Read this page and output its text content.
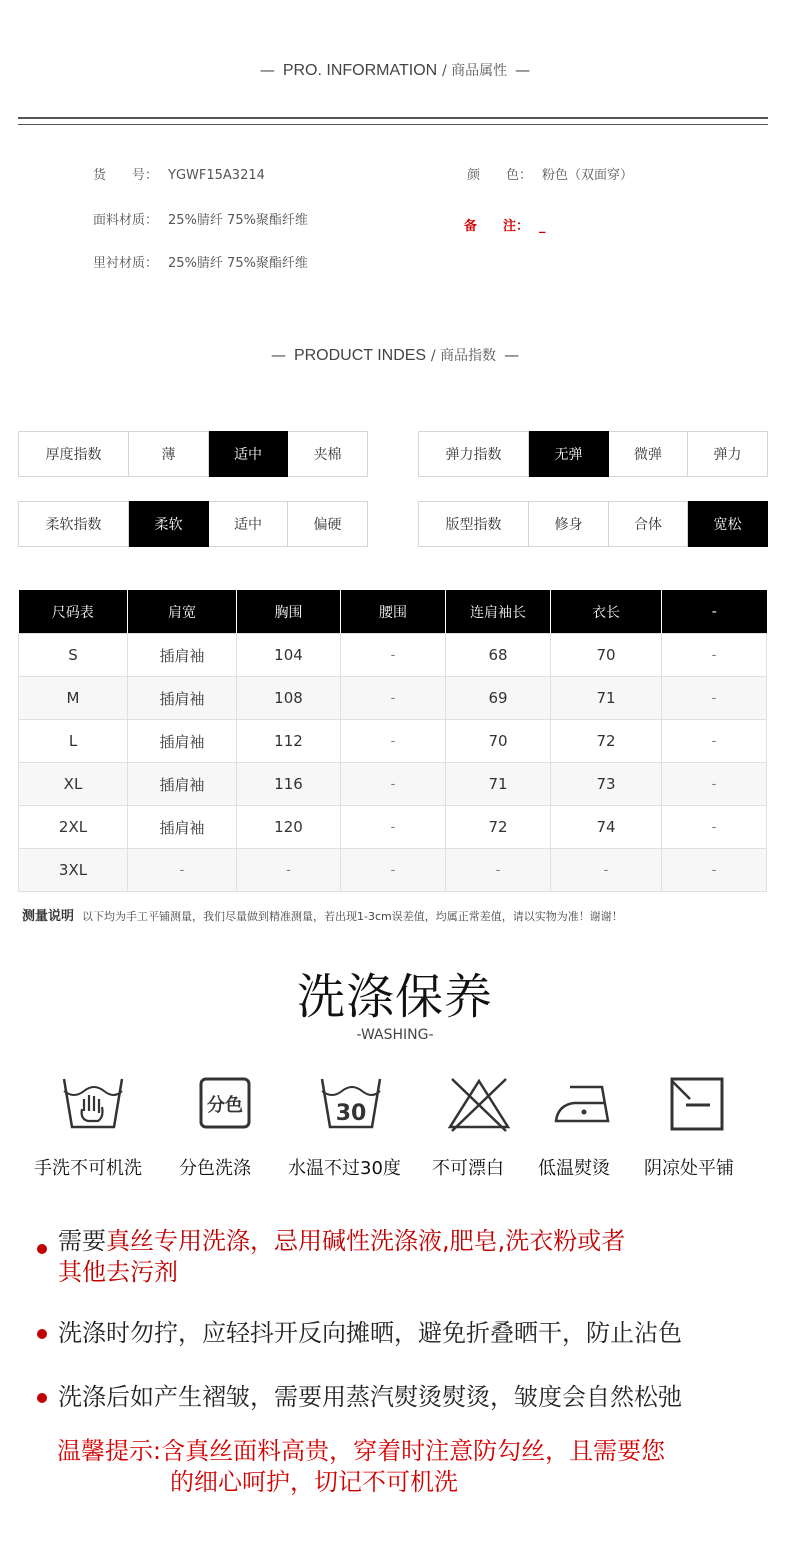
— PRO. INFORMATION / 商品属性 —
货　　号： YGWF15A3214	颜　　色： 粉色（双面穿）
面料材质： 25%腈纤 75%聚酯纤维	备　　注： _
里衬材质： 25%腈纤 75%聚酯纤维
— PRODUCT INDES / 商品指数 —
厚度指数	薄	适中	夹棉	弹力指数	无弹	微弹	弹力
柔软指数	柔软	适中	偏硬	版型指数	修身	合体	宽松
尺码表	肩宽	胸围	腰围	连肩袖长	衣长	-
S	插肩袖	104	-	68	70	-
M	插肩袖	108	-	69	71	-
L	插肩袖	112	-	70	72	-
XL	插肩袖	116	-	71	73	-
2XL	插肩袖	120	-	72	74	-
3XL	-	-	-	-	-	-
测量说明 以下均为手工平铺测量，我们尽量做到精准测量，若出现1-3cm误差值，均属正常差值，请以实物为准！谢谢！
洗涤保养
-WASHING-
分色	30
手洗不可机洗 分色洗涤 水温不过30度 不可漂白 低温熨烫 阴凉处平铺
需要真丝专用洗涤，忌用碱性洗涤液,肥皂,洗衣粉或者
其他去污剂
洗涤时勿拧，应轻抖开反向摊晒，避免折叠晒干，防止沾色
洗涤后如产生褶皱，需要用蒸汽熨烫熨烫，皱度会自然松弛
温馨提示:含真丝面料高贵，穿着时注意防勾丝，且需要您
的细心呵护，切记不可机洗
